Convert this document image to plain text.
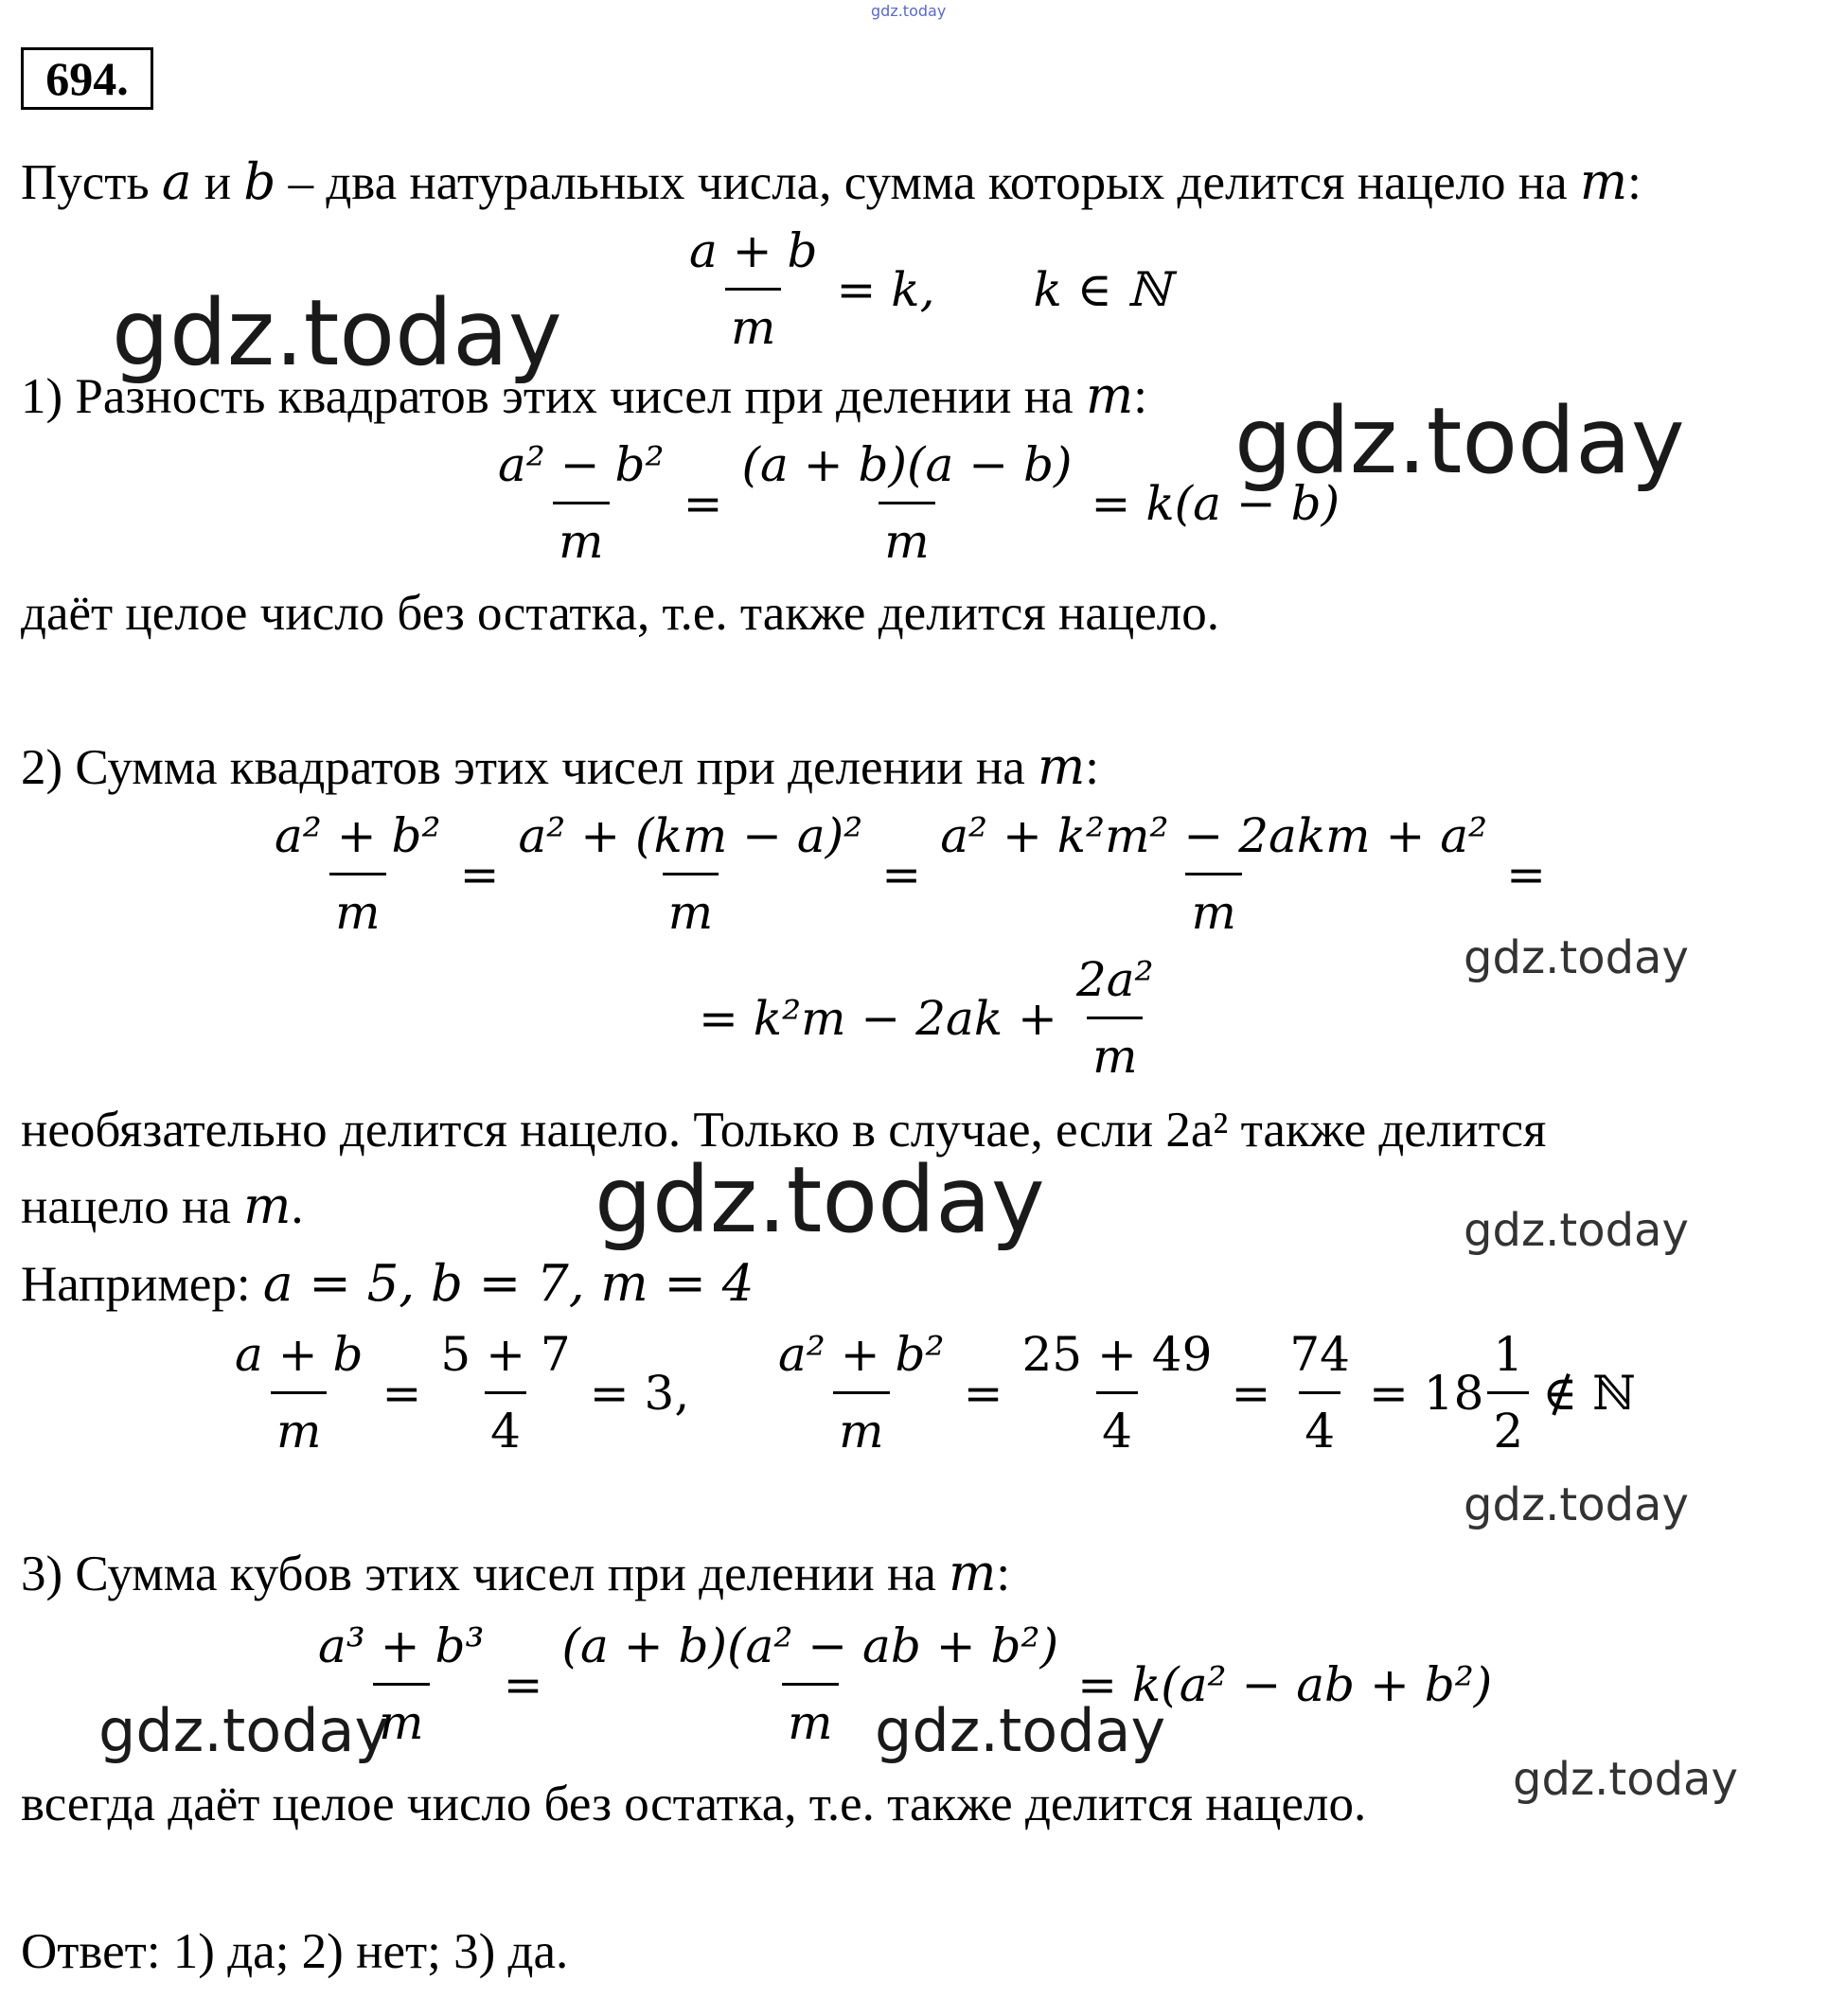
gdz.today
694.
Пусть a и b – два натуральных числа, сумма которых делится нацело на m:
$\frac{a + b}{m} = k$, k ∈ ℕ
gdz.today
gdz.today
1) Разность квадратов этих чисел при делении на m:
$\frac{\text{a² − b²}}{m} = \frac{(a + b)(a - b)}{m} = k(a - b)$
даёт целое число без остатка, т.е. также делится нацело.
2) Сумма квадратов этих чисел при делении на m:
$\frac{\text{a² + b²}}{m} = \frac{\text{a² + (km − a)²}}{m} = \frac{\text{a² + k²m² − 2akm + a²}}{m}$ =
gdz.today
= $k^2m - 2ak + \frac{\text{2a²}}{m}$
необязательно делится нацело. Только в случае, если 2a² также делится
нацело на m.	gdz.today	gdz.today
Например: a = 5, b = 7, m = 4
$\frac{a + b}{m} = \frac{5 + 7}{4} = 3$, $\frac{\text{a² + b²}}{m} = \frac{25 + 49}{4} = \frac{74}{4} = 18 \frac{1}{2}$ ∉ ℕ
gdz.today
3) Сумма кубов этих чисел при делении на m:
$\frac{\text{a³ + b³}}{m} = \frac{\text{(a + b)(a² − ab + b²)}}{m} = k(a^2$ − ab + b²)
gdz.today	gdz.today
gdz.today
всегда даёт целое число без остатка, т.е. также делится нацело.
Ответ: 1) да; 2) нет; 3) да.
